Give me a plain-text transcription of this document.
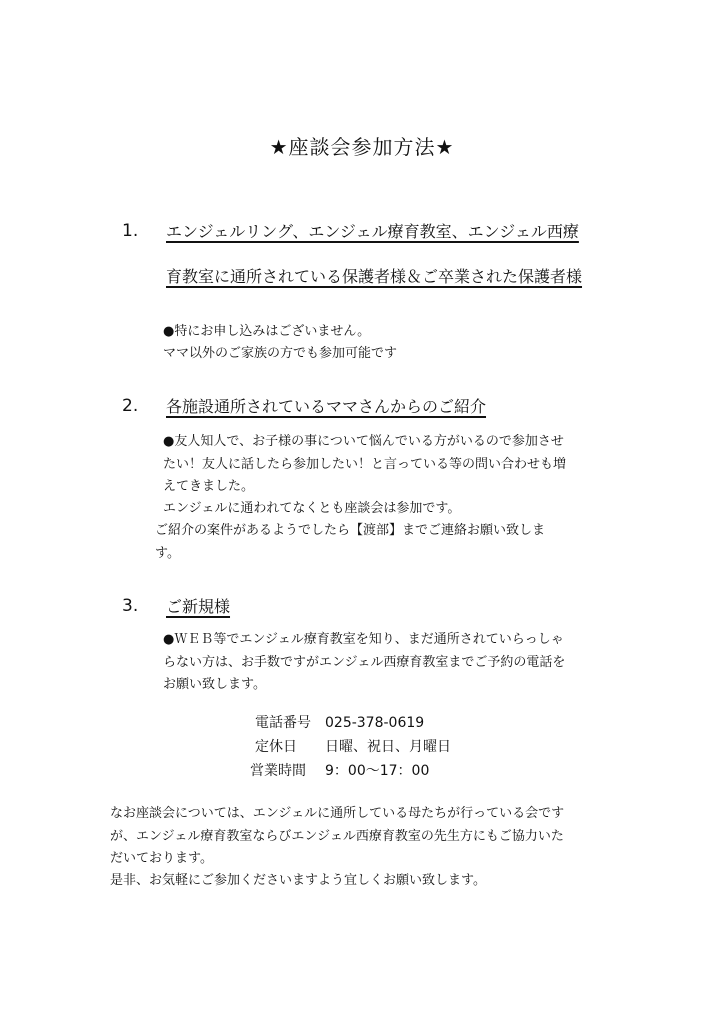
★座談会参加方法★
1. エンジェルリング、エンジェル療育教室、エンジェル西療
育教室に通所されている保護者様＆ご卒業された保護者様
●特にお申し込みはございません。
ママ以外のご家族の方でも参加可能です
2. 各施設通所されているママさんからのご紹介
●友人知人で、お子様の事について悩んでいる方がいるので参加させ
たい！友人に話したら参加したい！と言っている等の問い合わせも増
えてきました。
エンジェルに通われてなくとも座談会は参加です。
ご紹介の案件があるようでしたら【渡部】までご連絡お願い致しま
す。
3. ご新規様
●ＷＥＢ等でエンジェル療育教室を知り、まだ通所されていらっしゃ
らない方は、お手数ですがエンジェル西療育教室までご予約の電話を
お願い致します。
電話番号 025-378-0619
定休日 日曜、祝日、月曜日
営業時間 9：00～17：00
なお座談会については、エンジェルに通所している母たちが行っている会です
が、エンジェル療育教室ならびエンジェル西療育教室の先生方にもご協力いた
だいております。
是非、お気軽にご参加くださいますよう宜しくお願い致します。
